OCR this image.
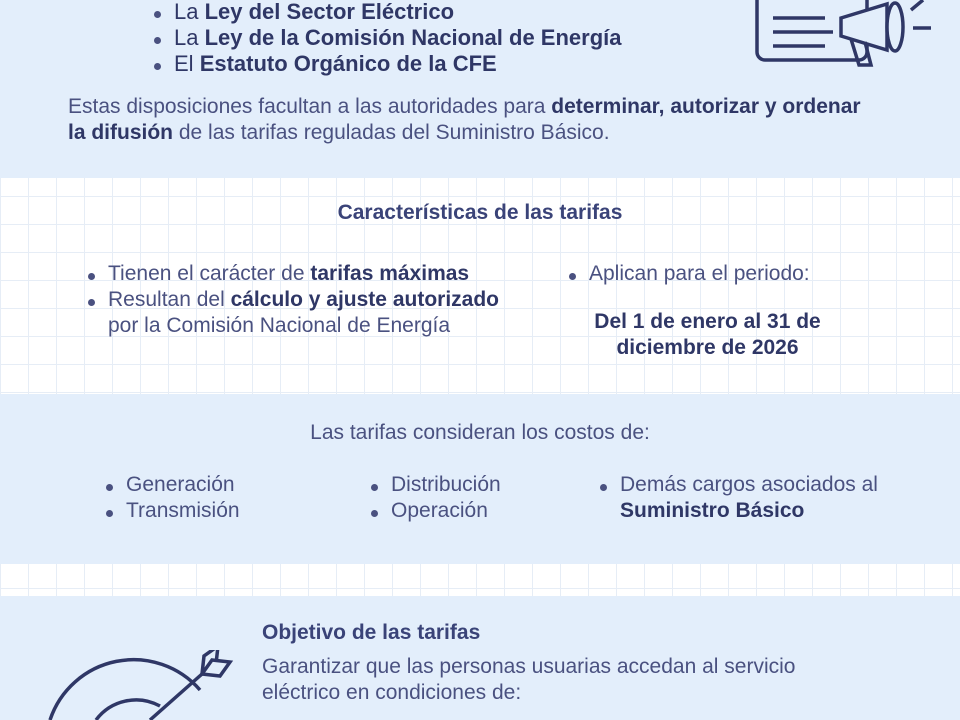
La Ley del Sector Eléctrico
La Ley de la Comisión Nacional de Energía
El Estatuto Orgánico de la CFE

Estas disposiciones facultan a las autoridades para determinar, autorizar y ordenar la difusión de las tarifas reguladas del Suministro Básico.

Características de las tarifas
Tienen el carácter de tarifas máximas
Resultan del cálculo y ajuste autorizado por la Comisión Nacional de Energía
Aplican para el periodo:
Del 1 de enero al 31 de diciembre de 2026
Las tarifas consideran los costos de:
Generación
Transmisión
Distribución
Operación
Demás cargos asociados al Suministro Básico
Objetivo de las tarifas

Garantizar que las personas usuarias accedan al servicio eléctrico en condiciones de:
